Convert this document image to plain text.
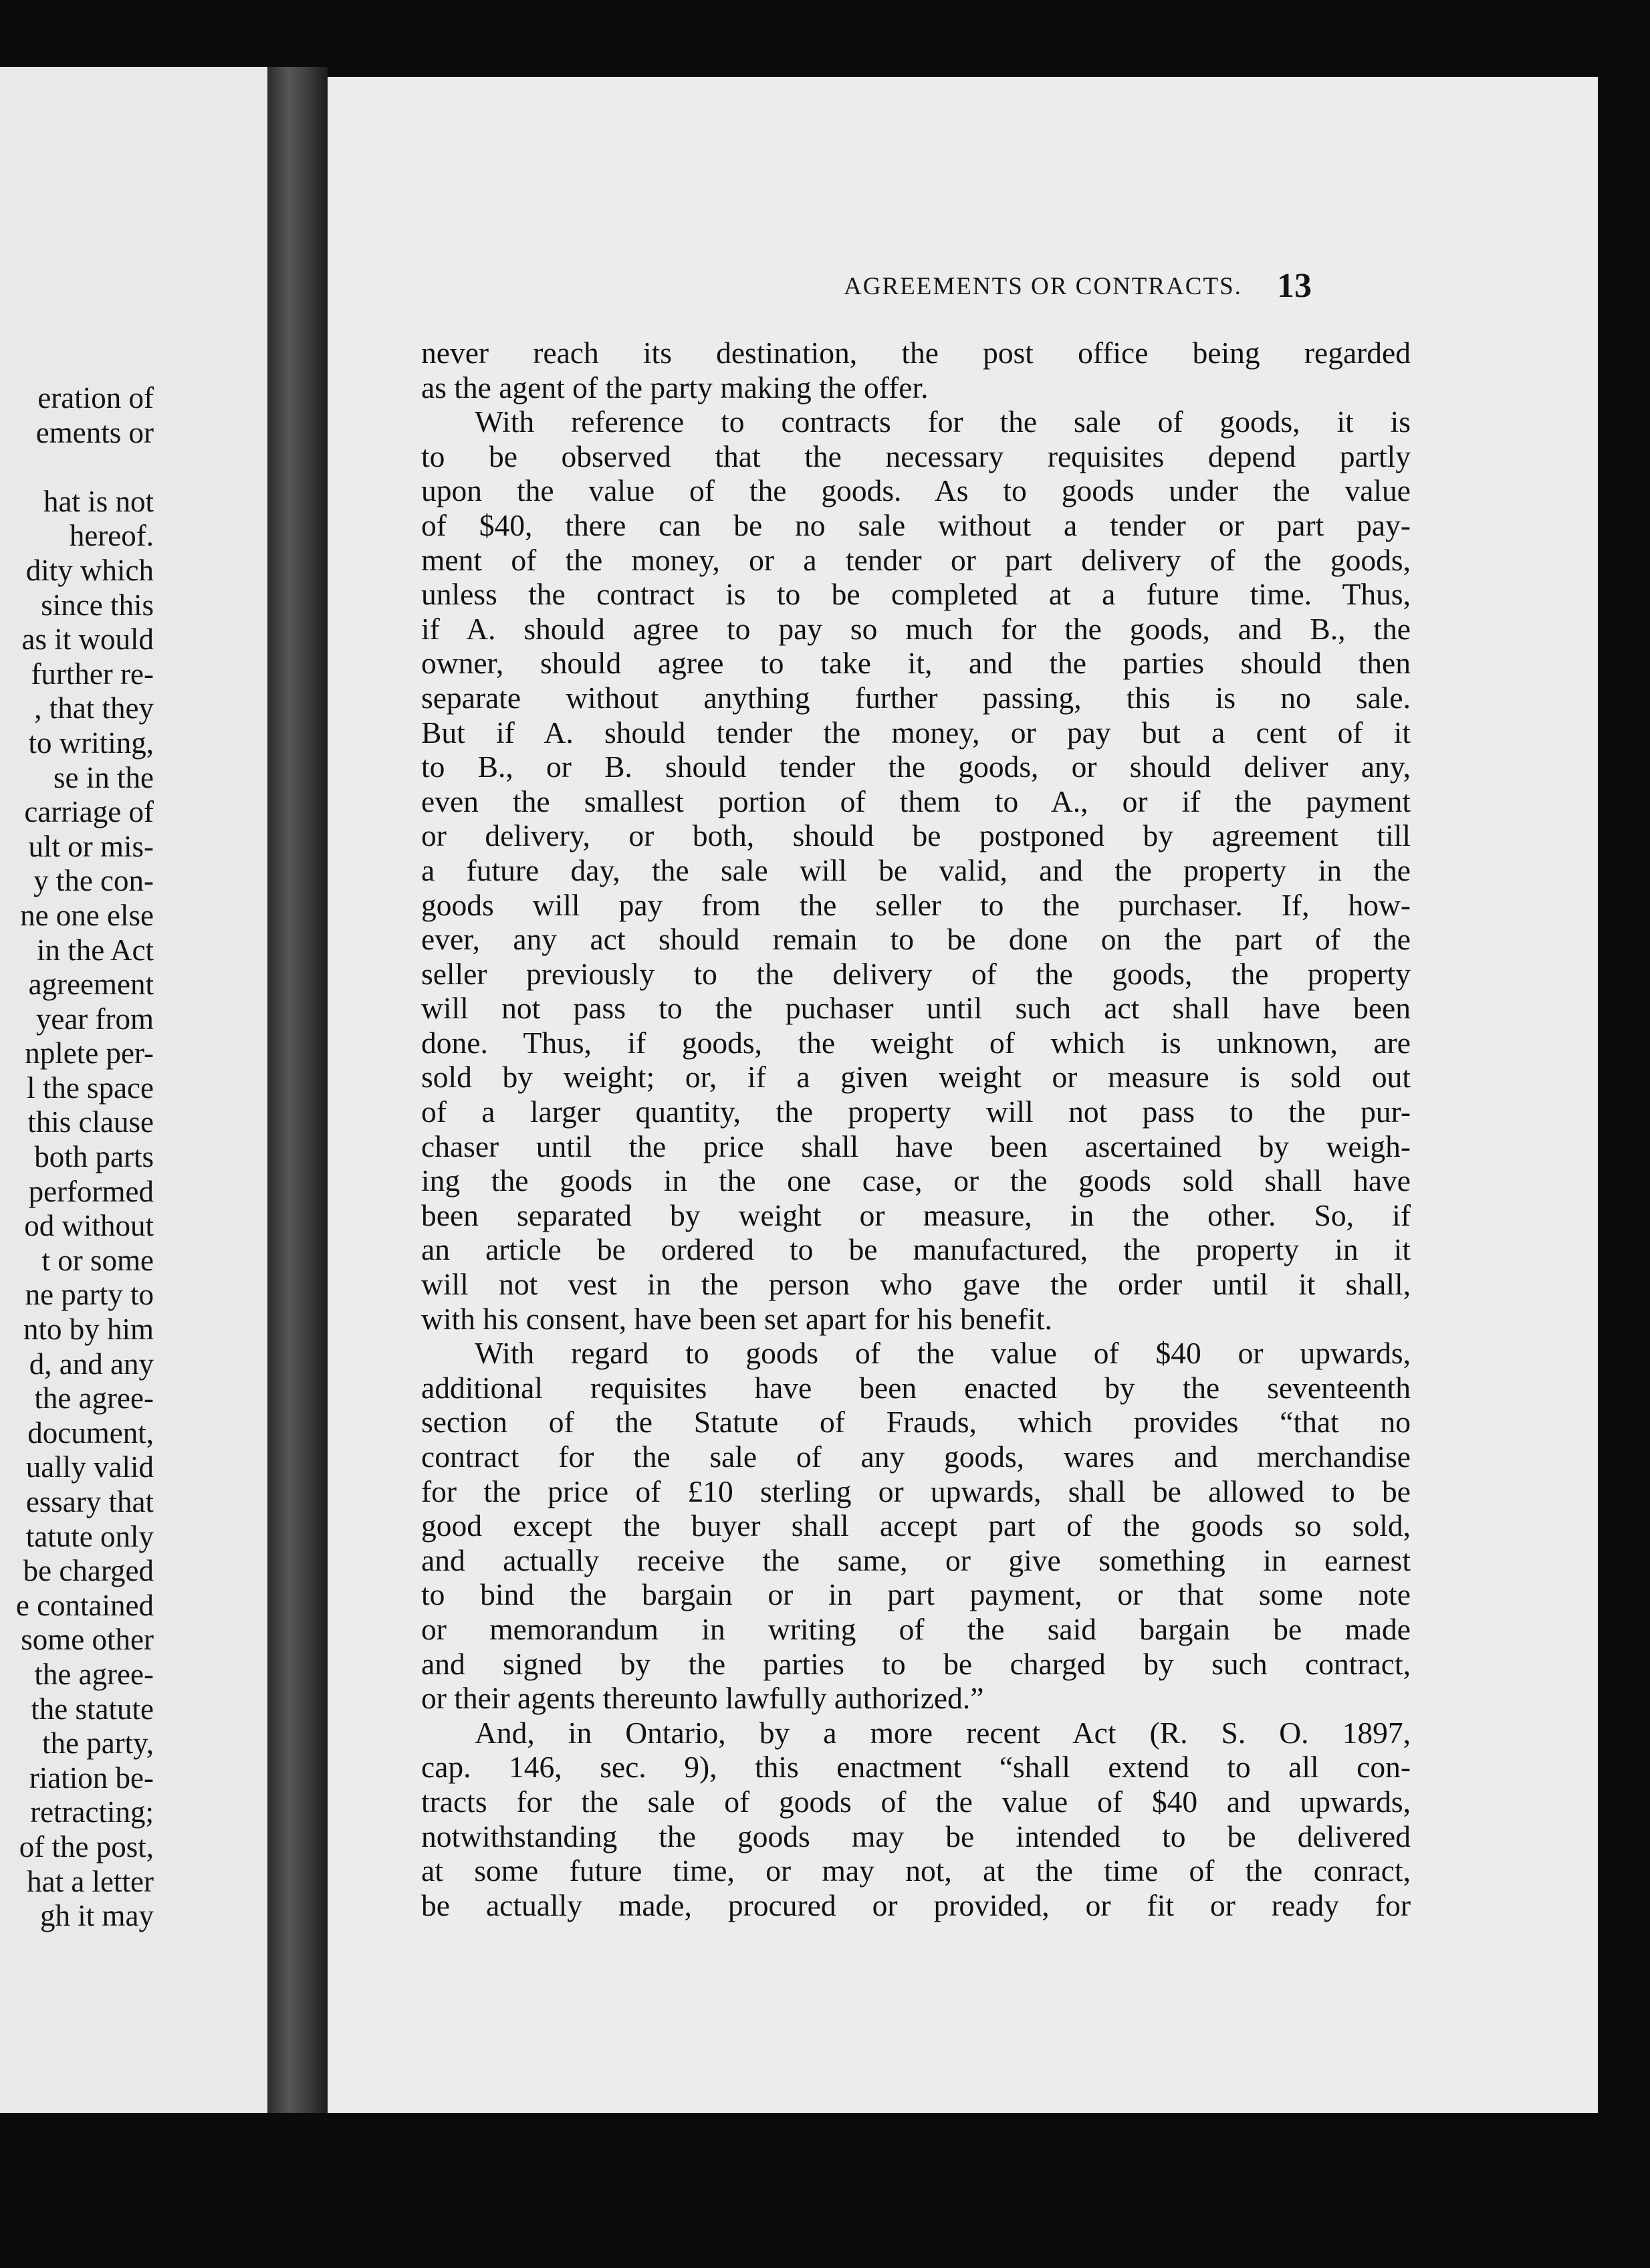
eration of
ements or

hat is not
hereof.
dity which
since this
as it would
further re-
, that they
to writing,
se in the
carriage of
ult or mis-
y the con-
ne one else
in the Act
agreement
year from
nplete per-
l the space
this clause
both parts
performed
od without
t or some
ne party to
nto by him
d, and any
the agree-
document,
ually valid
essary that
tatute only
be charged
e contained
some other
the agree-
the statute
the party,
riation be-
retracting;
of the post,
hat a letter
gh it may
AGREEMENTS OR CONTRACTS.	13
never reach its destination, the post office being regarded
as the agent of the party making the offer.
With reference to contracts for the sale of goods, it is
to be observed that the necessary requisites depend partly
upon the value of the goods. As to goods under the value
of $40, there can be no sale without a tender or part pay-
ment of the money, or a tender or part delivery of the goods,
unless the contract is to be completed at a future time. Thus,
if A. should agree to pay so much for the goods, and B., the
owner, should agree to take it, and the parties should then
separate without anything further passing, this is no sale.
But if A. should tender the money, or pay but a cent of it
to B., or B. should tender the goods, or should deliver any,
even the smallest portion of them to A., or if the payment
or delivery, or both, should be postponed by agreement till
a future day, the sale will be valid, and the property in the
goods will pay from the seller to the purchaser. If, how-
ever, any act should remain to be done on the part of the
seller previously to the delivery of the goods, the property
will not pass to the puchaser until such act shall have been
done. Thus, if goods, the weight of which is unknown, are
sold by weight; or, if a given weight or measure is sold out
of a larger quantity, the property will not pass to the pur-
chaser until the price shall have been ascertained by weigh-
ing the goods in the one case, or the goods sold shall have
been separated by weight or measure, in the other. So, if
an article be ordered to be manufactured, the property in it
will not vest in the person who gave the order until it shall,
with his consent, have been set apart for his benefit.
With regard to goods of the value of $40 or upwards,
additional requisites have been enacted by the seventeenth
section of the Statute of Frauds, which provides “that no
contract for the sale of any goods, wares and merchandise
for the price of £10 sterling or upwards, shall be allowed to be
good except the buyer shall accept part of the goods so sold,
and actually receive the same, or give something in earnest
to bind the bargain or in part payment, or that some note
or memorandum in writing of the said bargain be made
and signed by the parties to be charged by such contract,
or their agents thereunto lawfully authorized.”
And, in Ontario, by a more recent Act (R. S. O. 1897,
cap. 146, sec. 9), this enactment “shall extend to all con-
tracts for the sale of goods of the value of $40 and upwards,
notwithstanding the goods may be intended to be delivered
at some future time, or may not, at the time of the conract,
be actually made, procured or provided, or fit or ready for
